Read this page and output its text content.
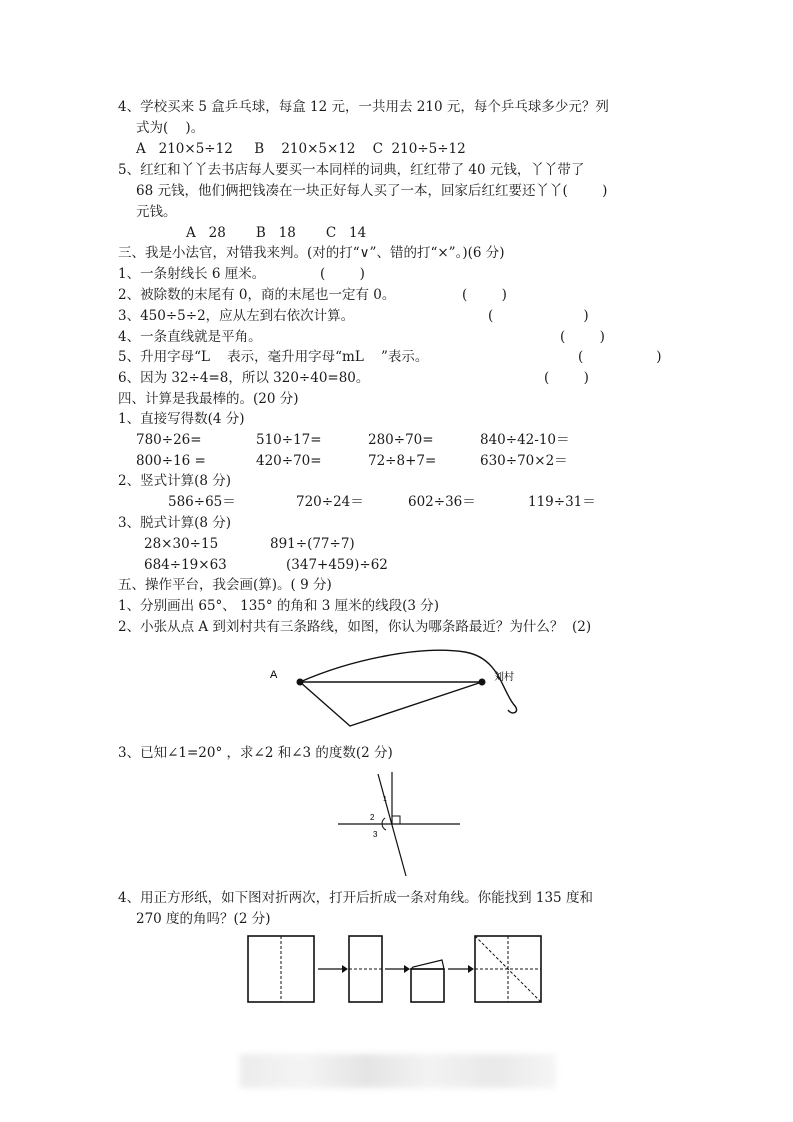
4、学校买来 5 盒乒乓球，每盒 12 元，一共用去 210 元，每个乒乓球多少元？列
式为(    )。
A   210×5÷12     B    210×5×12    C  210÷5÷12
5、红红和丫丫去书店每人要买一本同样的词典，红红带了 40 元钱，丫丫带了
68 元钱，他们俩把钱凑在一块正好每人买了一本，回家后红红要还丫丫(        )
元钱。
A   28       B   18       C   14
三、我是小法官，对错我来判。(对的打“∨”、错的打“×”。)(6 分)
1、一条射线长 6 厘米。	(        )
2、被除数的末尾有 0，商的末尾也一定有 0。	(        )
3、450÷5÷2，应从左到右依次计算。	(                     )
4、一条直线就是平角。	(        )
5、升用字母“L    表示，毫升用字母“mL    ”表示。	(                 )
6、因为 32÷4=8，所以 320÷40=80。	(        )
四、计算是我最棒的。(20 分)
1、直接写得数(4 分)
780÷26=	510÷17=	280÷70=	840÷42-10＝
800÷16 =	420÷70=	72÷8+7=	630÷70×2＝
2、竖式计算(8 分)
586÷65＝	720÷24＝	602÷36＝	119÷31＝
3、脱式计算(8 分)
28×30÷15	891÷(77÷7)
684÷19×63	(347+459)÷62
五、操作平台，我会画(算)。( 9 分)
1、分别画出 65°、 135° 的角和 3 厘米的线段(3 分)
2、小张从点 A 到刘村共有三条路线，如图，你认为哪条路最近？为什么？  (2)
A	刘村
3、已知∠1=20° ，求∠2 和∠3 的度数(2 分)
1
2
3
4、用正方形纸，如下图对折两次，打开后折成一条对角线。你能找到 135 度和
270 度的角吗？(2 分)
